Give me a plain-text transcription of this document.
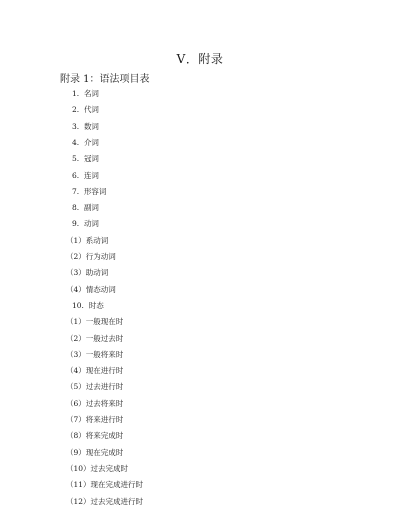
V．附录
附录 1：语法项目表
1. 名词
2. 代词
3. 数词
4. 介词
5. 冠词
6. 连词
7. 形容词
8. 副词
9. 动词
（1）系动词
（2）行为动词
（3）助动词
（4）情态动词
10. 时态
（1）一般现在时
（2）一般过去时
（3）一般将来时
（4）现在进行时
（5）过去进行时
（6）过去将来时
（7）将来进行时
（8）将来完成时
（9）现在完成时
（10）过去完成时
（11）现在完成进行时
（12）过去完成进行时
